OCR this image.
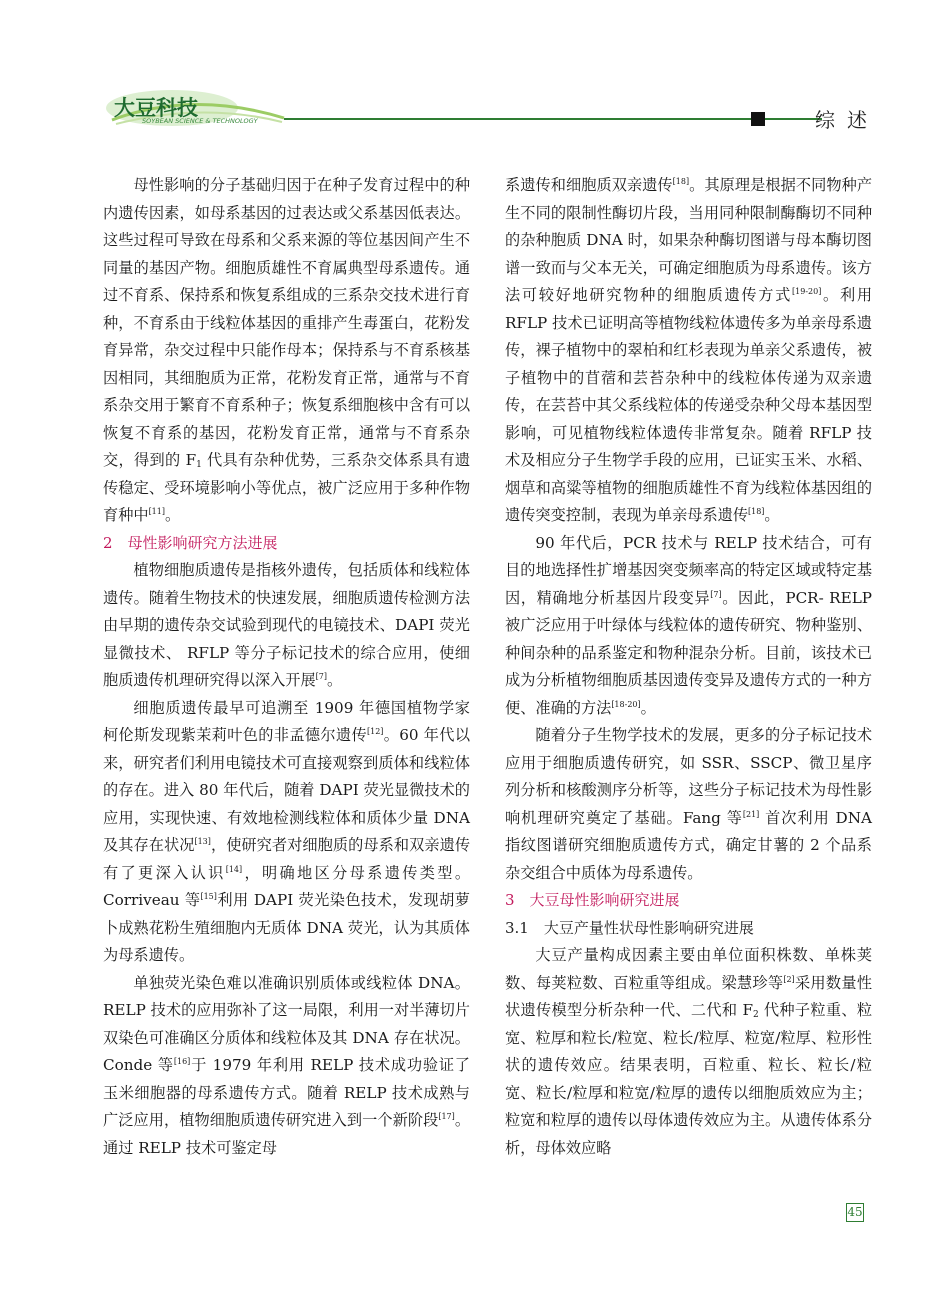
大豆科技
SOYBEAN SCIENCE & TECHNOLOGY	综述

母性影响的分子基础归因于在种子发育过程中的种内遗传因素，如母系基因的过表达或父系基因低表达。这些过程可导致在母系和父系来源的等位基因间产生不同量的基因产物。细胞质雄性不育属典型母系遗传。通过不育系、保持系和恢复系组成的三系杂交技术进行育种，不育系由于线粒体基因的重排产生毒蛋白，花粉发育异常，杂交过程中只能作母本；保持系与不育系核基因相同，其细胞质为正常，花粉发育正常，通常与不育系杂交用于繁育不育系种子；恢复系细胞核中含有可以恢复不育系的基因，花粉发育正常，通常与不育系杂交，得到的 $F_1$ 代具有杂种优势，三系杂交体系具有遗传稳定、受环境影响小等优点，被广泛应用于多种作物育种中[11]。

2　母性影响研究方法进展

植物细胞质遗传是指核外遗传，包括质体和线粒体遗传。随着生物技术的快速发展，细胞质遗传检测方法由早期的遗传杂交试验到现代的电镜技术、DAPI 荧光显微技术、 RFLP 等分子标记技术的综合应用，使细胞质遗传机理研究得以深入开展[7]。

细胞质遗传最早可追溯至 1909 年德国植物学家柯伦斯发现紫茉莉叶色的非孟德尔遗传[12]。60 年代以来，研究者们利用电镜技术可直接观察到质体和线粒体的存在。进入 80 年代后，随着 DAPI 荧光显微技术的应用，实现快速、有效地检测线粒体和质体少量 DNA 及其存在状况[13]，使研究者对细胞质的母系和双亲遗传有了更深入认识[14]，明确地区分母系遗传类型。Corriveau 等[15]利用 DAPI 荧光染色技术，发现胡萝卜成熟花粉生殖细胞内无质体 DNA 荧光，认为其质体为母系遗传。

单独荧光染色难以准确识别质体或线粒体 DNA。RELP 技术的应用弥补了这一局限，利用一对半薄切片双染色可准确区分质体和线粒体及其 DNA 存在状况。Conde 等[16]于 1979 年利用 RELP 技术成功验证了玉米细胞器的母系遗传方式。随着 RELP 技术成熟与广泛应用，植物细胞质遗传研究进入到一个新阶段[17]。通过 RELP 技术可鉴定母

系遗传和细胞质双亲遗传[18]。其原理是根据不同物种产生不同的限制性酶切片段，当用同种限制酶酶切不同种的杂种胞质 DNA 时，如果杂种酶切图谱与母本酶切图谱一致而与父本无关，可确定细胞质为母系遗传。该方法可较好地研究物种的细胞质遗传方式[19-20]。利用 RFLP 技术已证明高等植物线粒体遗传多为单亲母系遗传，裸子植物中的翠柏和红杉表现为单亲父系遗传，被子植物中的苜蓿和芸苔杂种中的线粒体传递为双亲遗传，在芸苔中其父系线粒体的传递受杂种父母本基因型影响，可见植物线粒体遗传非常复杂。随着 RFLP 技术及相应分子生物学手段的应用，已证实玉米、水稻、烟草和高粱等植物的细胞质雄性不育为线粒体基因组的遗传突变控制，表现为单亲母系遗传[18]。

90 年代后，PCR 技术与 RELP 技术结合，可有目的地选择性扩增基因突变频率高的特定区域或特定基因，精确地分析基因片段变异[7]。因此，PCR- RELP 被广泛应用于叶绿体与线粒体的遗传研究、物种鉴别、种间杂种的品系鉴定和物种混杂分析。目前，该技术已成为分析植物细胞质基因遗传变异及遗传方式的一种方便、准确的方法[18-20]。

随着分子生物学技术的发展，更多的分子标记技术应用于细胞质遗传研究，如 SSR、SSCP、微卫星序列分析和核酸测序分析等，这些分子标记技术为母性影响机理研究奠定了基础。Fang 等[21] 首次利用 DNA 指纹图谱研究细胞质遗传方式，确定甘薯的 2 个品系杂交组合中质体为母系遗传。

3　大豆母性影响研究进展
3.1　大豆产量性状母性影响研究进展

大豆产量构成因素主要由单位面积株数、单株荚数、每荚粒数、百粒重等组成。梁慧珍等[2]采用数量性状遗传模型分析杂种一代、二代和 $F_2$ 代种子粒重、粒宽、粒厚和粒长/粒宽、粒长/粒厚、粒宽/粒厚、粒形性状的遗传效应。结果表明，百粒重、粒长、粒长/粒宽、粒长/粒厚和粒宽/粒厚的遗传以细胞质效应为主；粒宽和粒厚的遗传以母体遗传效应为主。从遗传体系分析，母体效应略

45
